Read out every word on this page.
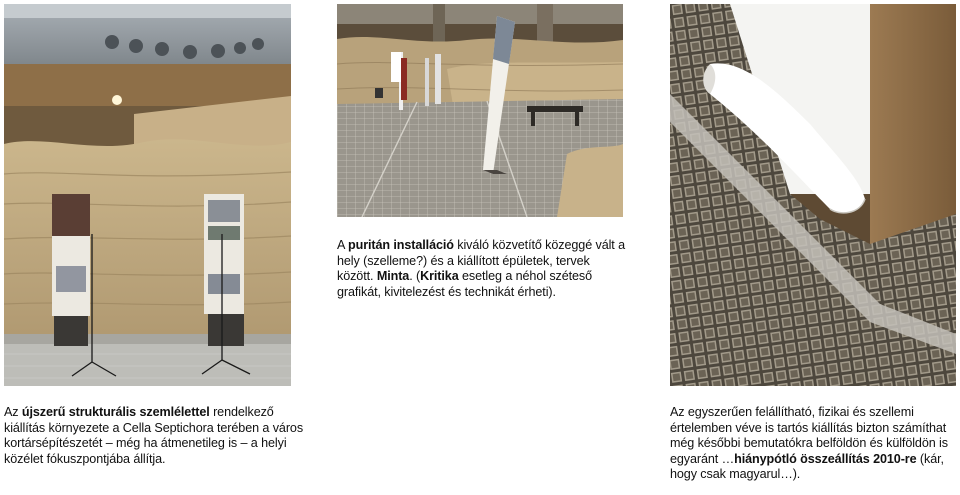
A puritán installáció kiváló közvetítő közeggé vált a hely (szelleme?) és a kiállított épületek, tervek között. Minta. (Kritika esetleg a néhol széteső grafikát, kivitelezést és technikát érheti).

Az újszerű strukturális szemlélettel rendelkező kiállítás környezete a Cella Septichora terében a város kortársépítészetét – még ha átmenetileg is – a helyi közélet fókuszpontjába állítja.

Az egyszerűen felállítható, fizikai és szellemi értelemben véve is tartós kiállítás bizton számíthat még későbbi bemutatókra belföldön és külföldön is egyaránt …hiánypótló összeállítás 2010-re (kár, hogy csak magyarul…).
